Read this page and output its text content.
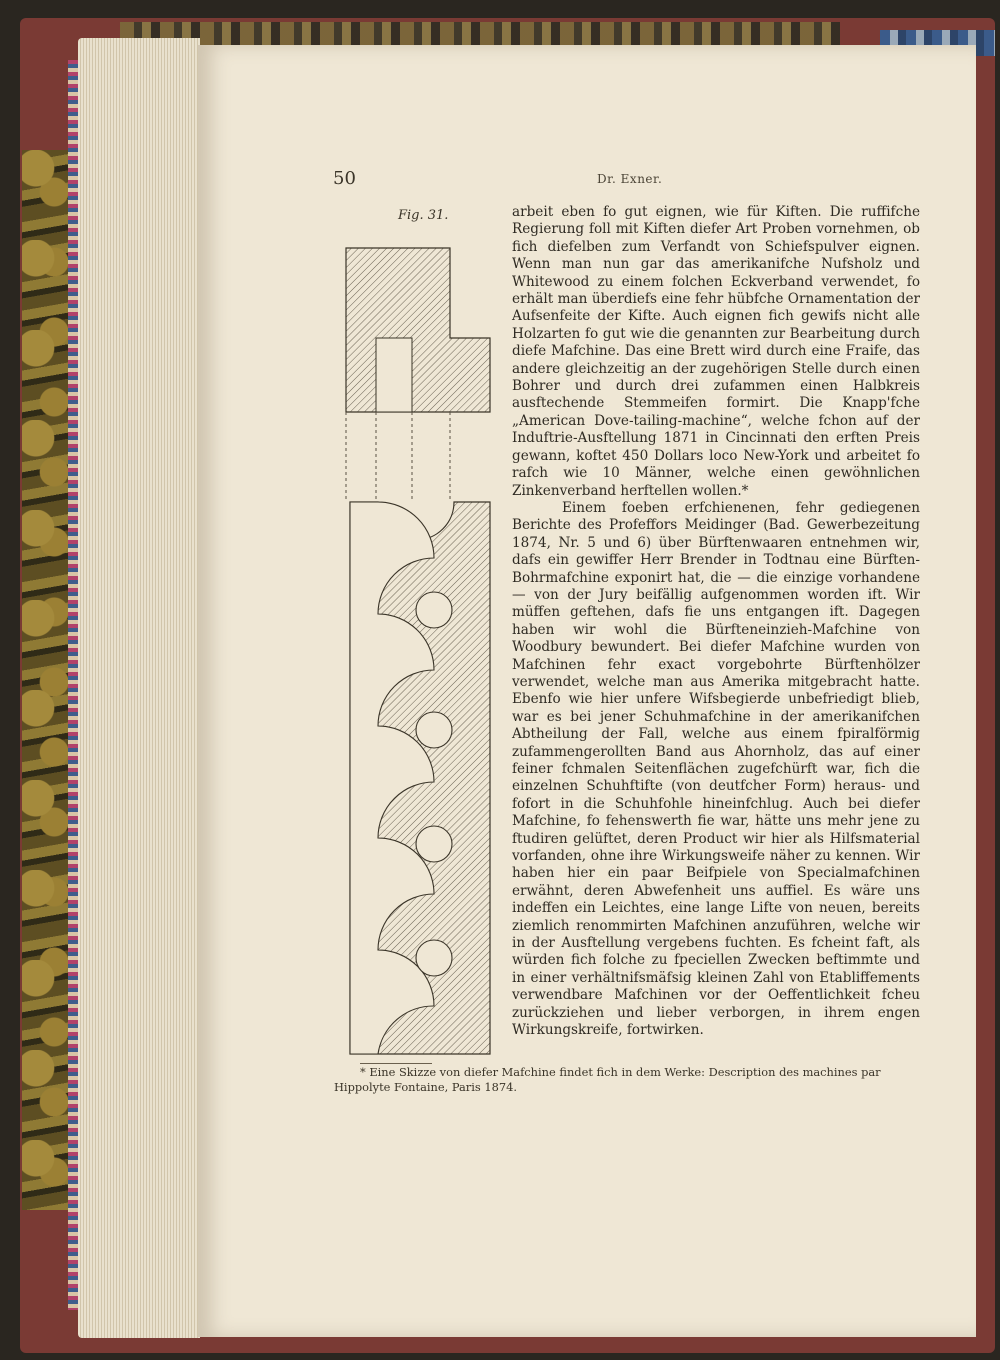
50	Dr. Exner.
Fig. 31.	arbeit eben fo gut eignen, wie für Kiften. Die ruffifche Regierung foll mit Kiften diefer Art Proben vornehmen, ob fich diefelben zum Verfandt von Schiefspulver eignen. Wenn man nun gar das amerikanifche Nufsholz und Whitewood zu einem folchen Eckverband verwendet, fo erhält man überdiefs eine fehr hübfche Ornamentation der Aufsenfeite der Kifte. Auch eignen fich gewifs nicht alle Holzarten fo gut wie die genannten zur Bearbeitung durch diefe Mafchine. Das eine Brett wird durch eine Fraife, das andere gleichzeitig an der zugehörigen Stelle durch einen Bohrer und durch drei zufammen einen Halbkreis ausftechende Stemmeifen formirt. Die Knapp'fche „American Dove-tailing-machine“, welche fchon auf der Induftrie-Ausftellung 1871 in Cincinnati den erften Preis gewann, koftet 450 Dollars loco New-York und arbeitet fo rafch wie 10 Männer, welche einen gewöhnlichen Zinkenverband herftellen wollen.*

Einem foeben erfchienenen, fehr gediegenen Berichte des Profeffors Meidinger (Bad. Gewerbezeitung 1874, Nr. 5 und 6) über Bürftenwaaren entnehmen wir, dafs ein gewiffer Herr Brender in Todtnau eine Bürften-Bohrmafchine exponirt hat, die — die einzige vorhandene — von der Jury beifällig aufgenommen worden ift. Wir müffen geftehen, dafs fie uns entgangen ift. Dagegen haben wir wohl die Bürfteneinzieh-Mafchine von Woodbury bewundert. Bei diefer Mafchine wurden von Mafchinen fehr exact vorgebohrte Bürftenhölzer verwendet, welche man aus Amerika mitgebracht hatte. Ebenfo wie hier unfere Wifsbegierde unbefriedigt blieb, war es bei jener Schuhmafchine in der amerikanifchen Abtheilung der Fall, welche aus einem fpiralförmig zufammengerollten Band aus Ahornholz, das auf einer feiner fchmalen Seitenflächen zugefchürft war, fich die einzelnen Schuhftifte (von deutfcher Form) heraus- und fofort in die Schuhfohle hineinfchlug. Auch bei diefer Mafchine, fo fehenswerth fie war, hätte uns mehr jene zu ftudiren gelüftet, deren Product wir hier als Hilfsmaterial vorfanden, ohne ihre Wirkungsweife näher zu kennen. Wir haben hier ein paar Beifpiele von Specialmafchinen erwähnt, deren Abwefenheit uns auffiel. Es wäre uns indeffen ein Leichtes, eine lange Lifte von neuen, bereits ziemlich renommirten Mafchinen anzuführen, welche wir in der Ausftellung vergebens fuchten. Es fcheint faft, als würden fich folche zu fpeciellen Zwecken beftimmte und in einer verhältnifsmäfsig kleinen Zahl von Etabliffements verwendbare Mafchinen vor der Oeffentlichkeit fcheu zurückziehen und lieber verborgen, in ihrem engen Wirkungskreife, fortwirken.

* Eine Skizze von diefer Mafchine findet fich in dem Werke: Description des machines par Hippolyte Fontaine, Paris 1874.
